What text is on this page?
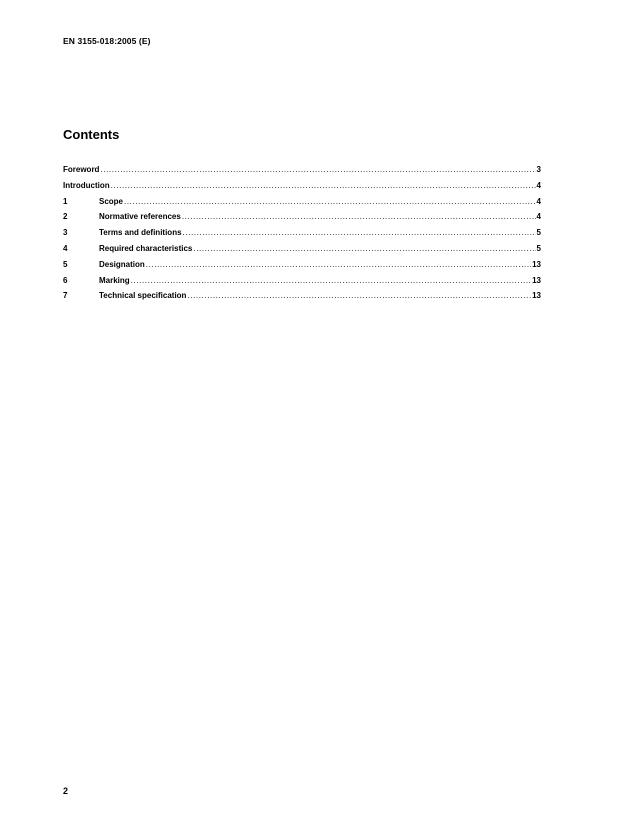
EN 3155-018:2005 (E)
Contents
Foreword .....	3
Introduction .....	4
1	Scope .....	4
2	Normative references .....	4
3	Terms and definitions .....	5
4	Required characteristics .....	5
5	Designation .....	13
6	Marking .....	13
7	Technical specification .....	13
2
